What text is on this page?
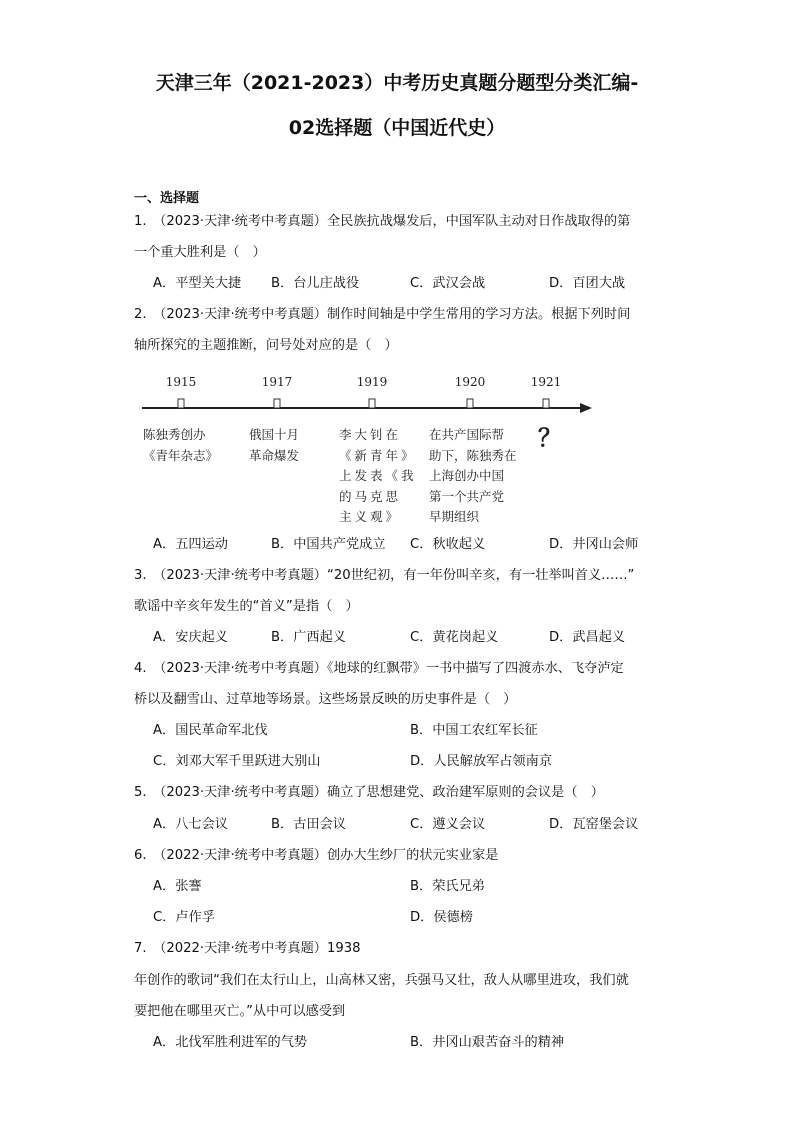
天津三年（2021-2023）中考历史真题分题型分类汇编-
02选择题（中国近代史）
一、选择题
1.　（2023·天津·统考中考真题）全民族抗战爆发后，中国军队主动对日作战取得的第
一个重大胜利是（　）
A．平型关大捷 B．台儿庄战役	C．武汉会战	D．百团大战
2.　（2023·天津·统考中考真题）制作时间轴是中学生常用的学习方法。根据下列时间
轴所探究的主题推断，问号处对应的是（　）
1915	1917	1919	1920	1921
陈独秀创办
《青年杂志》
俄国十月
革命爆发
李大钊在
《新青年》
上发表《我
的马克思
主义观》
在共产国际帮
助下，陈独秀在
上海创办中国
第一个共产党
早期组织
？
A．五四运动	B．中国共产党成立 C．秋收起义	D．井冈山会师
3.　（2023·天津·统考中考真题）“20世纪初，有一年份叫辛亥，有一壮举叫首义……”
歌谣中辛亥年发生的“首义”是指（　）
A．安庆起义	B．广西起义	C．黄花岗起义	D．武昌起义
4.　（2023·天津·统考中考真题）《地球的红飘带》一书中描写了四渡赤水、飞夺泸定
桥以及翻雪山、过草地等场景。这些场景反映的历史事件是（　）
A．国民革命军北伐	B．中国工农红军长征
C．刘邓大军千里跃进大别山	D．人民解放军占领南京
5.　（2023·天津·统考中考真题）确立了思想建党、政治建军原则的会议是（　）
A．八七会议	B．古田会议	C．遵义会议	D．瓦窑堡会议
6.　（2022·天津·统考中考真题）创办大生纱厂的状元实业家是
A．张謇	B．荣氏兄弟
C．卢作孚	D．侯德榜
7.　（2022·天津·统考中考真题）1938
年创作的歌词“我们在太行山上，山高林又密，兵强马又壮，敌人从哪里进攻，我们就
要把他在哪里灭亡。”从中可以感受到
A．北伐军胜利进军的气势	B．井冈山艰苦奋斗的精神
